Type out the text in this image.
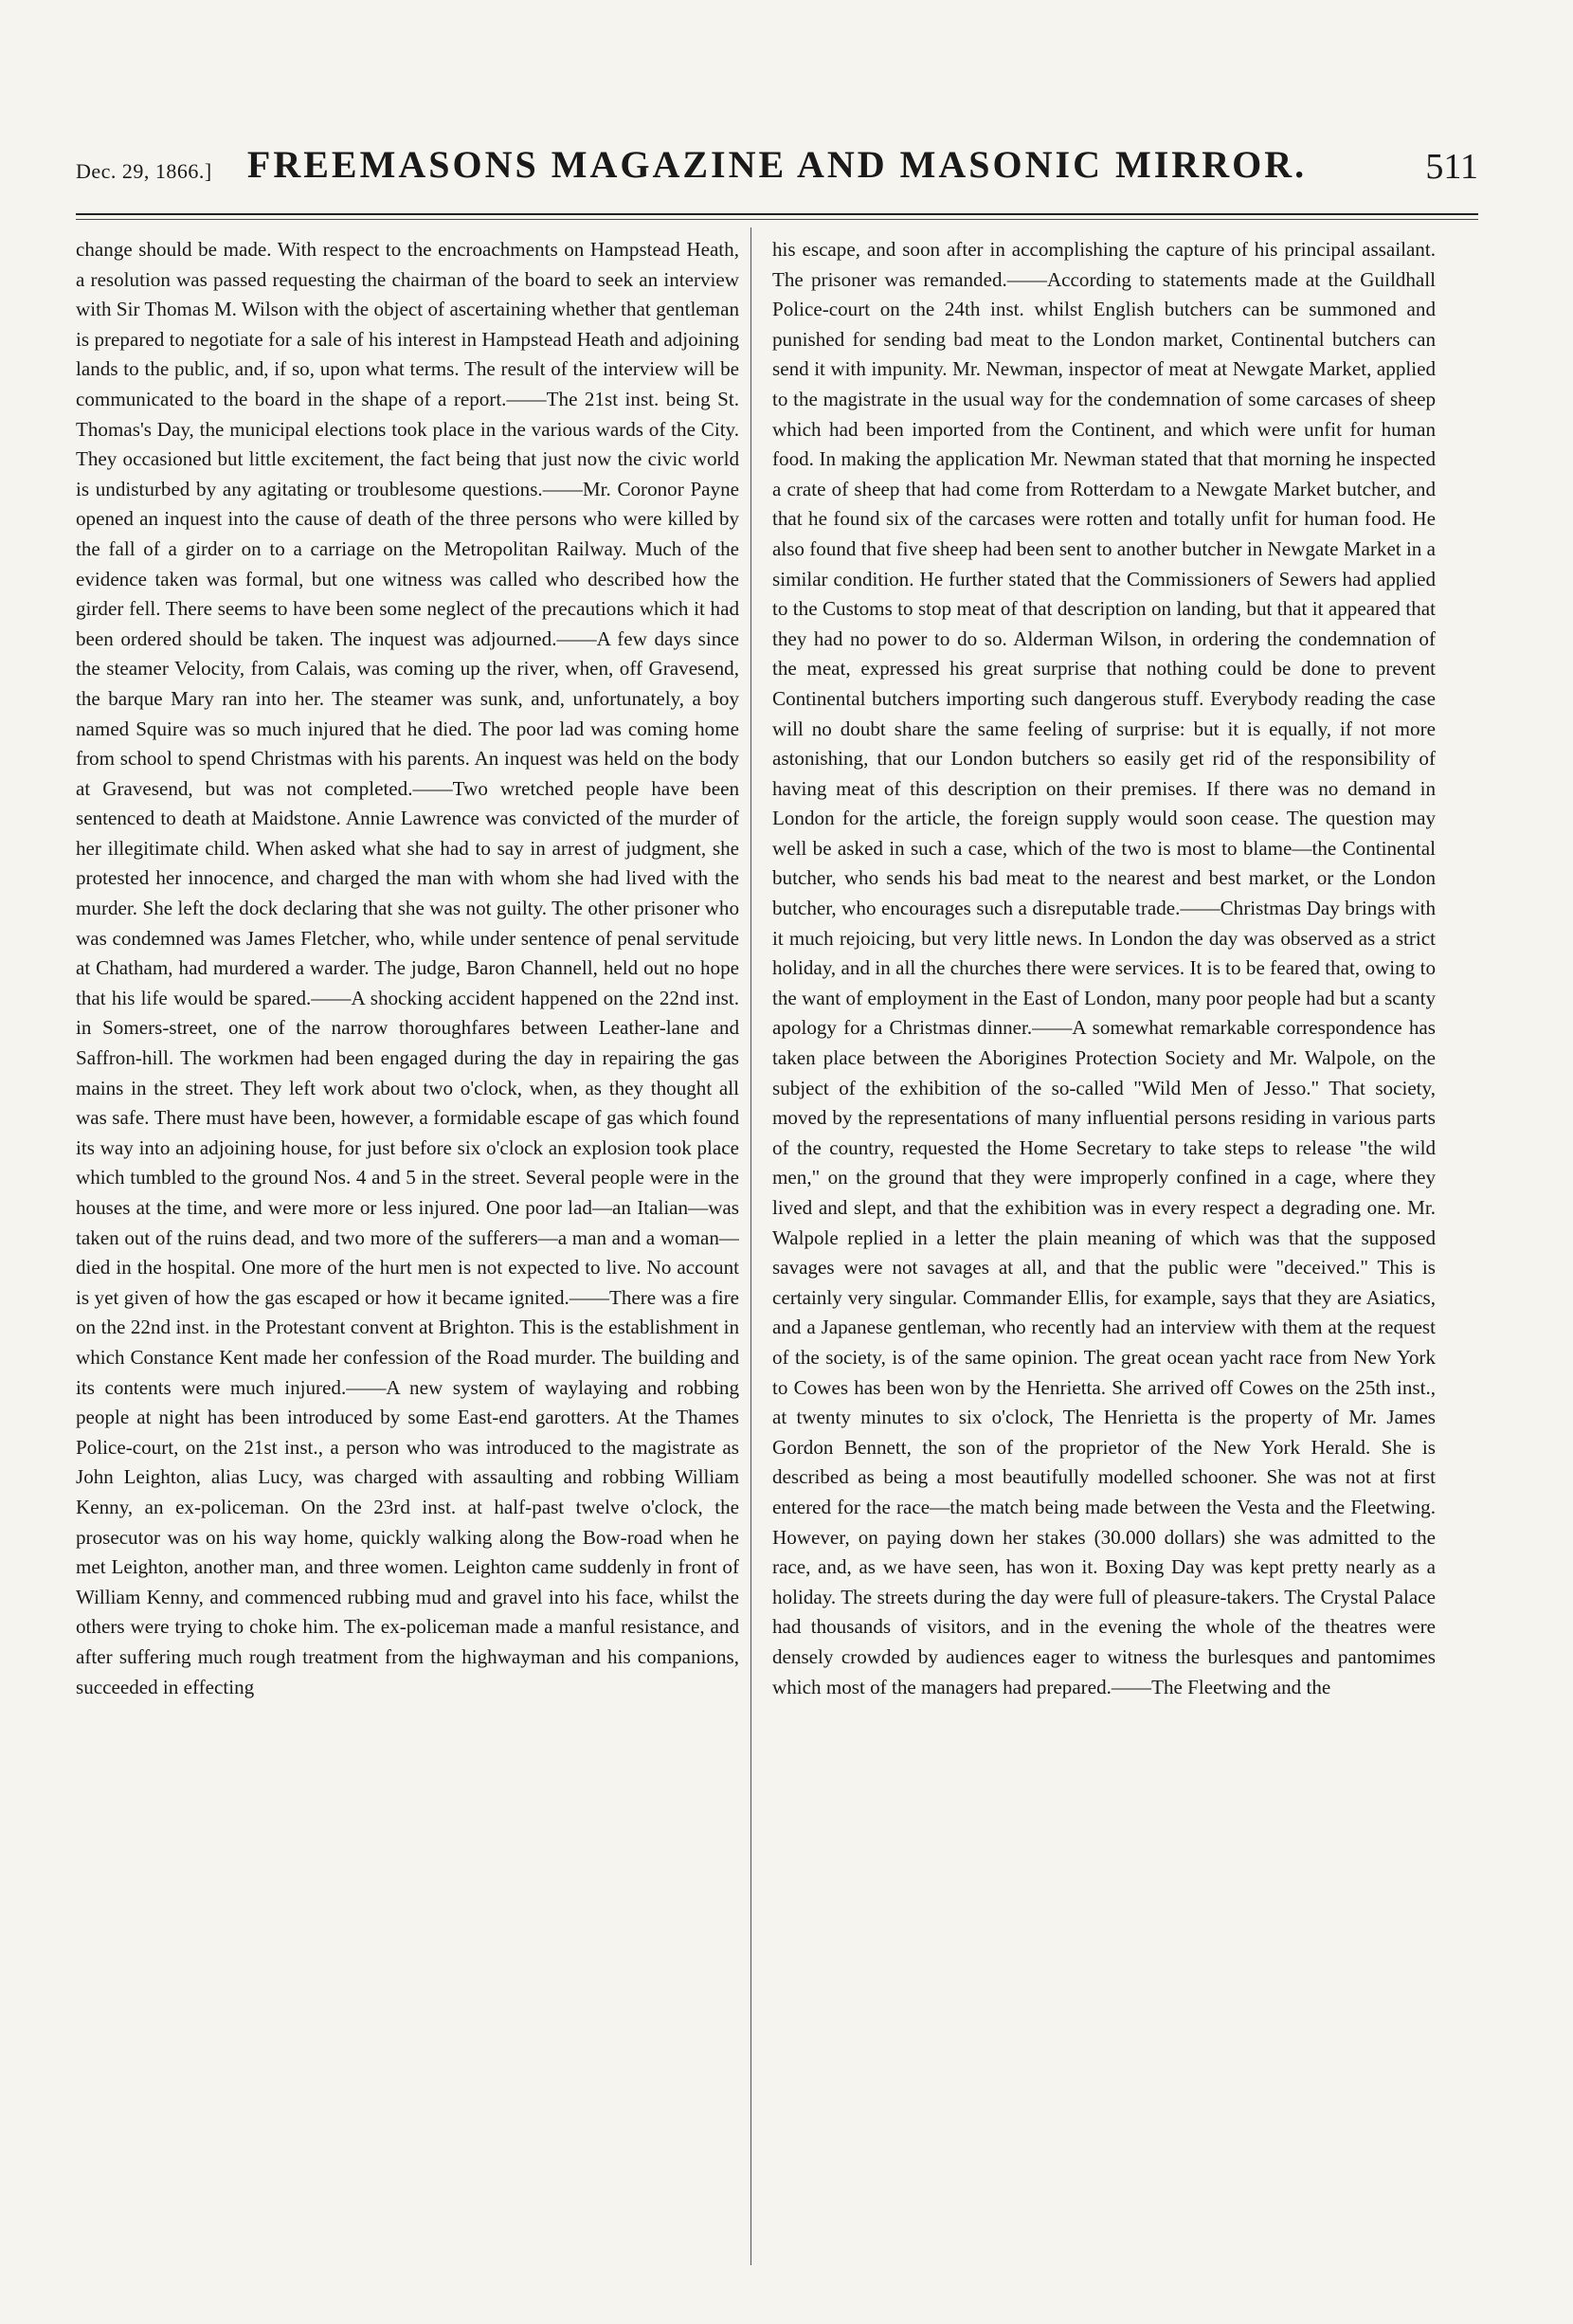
Dec. 29, 1866.] FREEMASONS MAGAZINE AND MASONIC MIRROR.	511

change should be made. With respect to the encroachments on Hampstead Heath, a resolution was passed requesting the chairman of the board to seek an interview with Sir Thomas M. Wilson with the object of ascertaining whether that gentleman is prepared to negotiate for a sale of his interest in Hampstead Heath and adjoining lands to the public, and, if so, upon what terms. The result of the interview will be communicated to the board in the shape of a report.——The 21st inst. being St. Thomas's Day, the municipal elections took place in the various wards of the City. They occasioned but little excitement, the fact being that just now the civic world is undisturbed by any agitating or troublesome questions.——Mr. Coronor Payne opened an inquest into the cause of death of the three persons who were killed by the fall of a girder on to a carriage on the Metropolitan Railway. Much of the evidence taken was formal, but one witness was called who described how the girder fell. There seems to have been some neglect of the precautions which it had been ordered should be taken. The inquest was adjourned.——A few days since the steamer Velocity, from Calais, was coming up the river, when, off Gravesend, the barque Mary ran into her. The steamer was sunk, and, unfortunately, a boy named Squire was so much injured that he died. The poor lad was coming home from school to spend Christmas with his parents. An inquest was held on the body at Gravesend, but was not completed.——Two wretched people have been sentenced to death at Maidstone. Annie Lawrence was convicted of the murder of her illegitimate child. When asked what she had to say in arrest of judgment, she protested her innocence, and charged the man with whom she had lived with the murder. She left the dock declaring that she was not guilty. The other prisoner who was condemned was James Fletcher, who, while under sentence of penal servitude at Chatham, had murdered a warder. The judge, Baron Channell, held out no hope that his life would be spared.——A shocking accident happened on the 22nd inst. in Somers-street, one of the narrow thoroughfares between Leather-lane and Saffron-hill. The workmen had been engaged during the day in repairing the gas mains in the street. They left work about two o'clock, when, as they thought all was safe. There must have been, however, a formidable escape of gas which found its way into an adjoining house, for just before six o'clock an explosion took place which tumbled to the ground Nos. 4 and 5 in the street. Several people were in the houses at the time, and were more or less injured. One poor lad—an Italian—was taken out of the ruins dead, and two more of the sufferers—a man and a woman—died in the hospital. One more of the hurt men is not expected to live. No account is yet given of how the gas escaped or how it became ignited.——There was a fire on the 22nd inst. in the Protestant convent at Brighton. This is the establishment in which Constance Kent made her confession of the Road murder. The building and its contents were much injured.——A new system of waylaying and robbing people at night has been introduced by some East-end garotters. At the Thames Police-court, on the 21st inst., a person who was introduced to the magistrate as John Leighton, alias Lucy, was charged with assaulting and robbing William Kenny, an ex-policeman. On the 23rd inst. at half-past twelve o'clock, the prosecutor was on his way home, quickly walking along the Bow-road when he met Leighton, another man, and three women. Leighton came suddenly in front of William Kenny, and commenced rubbing mud and gravel into his face, whilst the others were trying to choke him. The ex-policeman made a manful resistance, and after suffering much rough treatment from the highwayman and his companions, succeeded in effecting

his escape, and soon after in accomplishing the capture of his principal assailant. The prisoner was remanded.——According to statements made at the Guildhall Police-court on the 24th inst. whilst English butchers can be summoned and punished for sending bad meat to the London market, Continental butchers can send it with impunity. Mr. Newman, inspector of meat at Newgate Market, applied to the magistrate in the usual way for the condemnation of some carcases of sheep which had been imported from the Continent, and which were unfit for human food. In making the application Mr. Newman stated that that morning he inspected a crate of sheep that had come from Rotterdam to a Newgate Market butcher, and that he found six of the carcases were rotten and totally unfit for human food. He also found that five sheep had been sent to another butcher in Newgate Market in a similar condition. He further stated that the Commissioners of Sewers had applied to the Customs to stop meat of that description on landing, but that it appeared that they had no power to do so. Alderman Wilson, in ordering the condemnation of the meat, expressed his great surprise that nothing could be done to prevent Continental butchers importing such dangerous stuff. Everybody reading the case will no doubt share the same feeling of surprise: but it is equally, if not more astonishing, that our London butchers so easily get rid of the responsibility of having meat of this description on their premises. If there was no demand in London for the article, the foreign supply would soon cease. The question may well be asked in such a case, which of the two is most to blame—the Continental butcher, who sends his bad meat to the nearest and best market, or the London butcher, who encourages such a disreputable trade.——Christmas Day brings with it much rejoicing, but very little news. In London the day was observed as a strict holiday, and in all the churches there were services. It is to be feared that, owing to the want of employment in the East of London, many poor people had but a scanty apology for a Christmas dinner.——A somewhat remarkable correspondence has taken place between the Aborigines Protection Society and Mr. Walpole, on the subject of the exhibition of the so-called "Wild Men of Jesso." That society, moved by the representations of many influential persons residing in various parts of the country, requested the Home Secretary to take steps to release "the wild men," on the ground that they were improperly confined in a cage, where they lived and slept, and that the exhibition was in every respect a degrading one. Mr. Walpole replied in a letter the plain meaning of which was that the supposed savages were not savages at all, and that the public were "deceived." This is certainly very singular. Commander Ellis, for example, says that they are Asiatics, and a Japanese gentleman, who recently had an interview with them at the request of the society, is of the same opinion. The great ocean yacht race from New York to Cowes has been won by the Henrietta. She arrived off Cowes on the 25th inst., at twenty minutes to six o'clock, The Henrietta is the property of Mr. James Gordon Bennett, the son of the proprietor of the New York Herald. She is described as being a most beautifully modelled schooner. She was not at first entered for the race—the match being made between the Vesta and the Fleetwing. However, on paying down her stakes (30.000 dollars) she was admitted to the race, and, as we have seen, has won it. Boxing Day was kept pretty nearly as a holiday. The streets during the day were full of pleasure-takers. The Crystal Palace had thousands of visitors, and in the evening the whole of the theatres were densely crowded by audiences eager to witness the burlesques and pantomimes which most of the managers had prepared.——The Fleetwing and the
